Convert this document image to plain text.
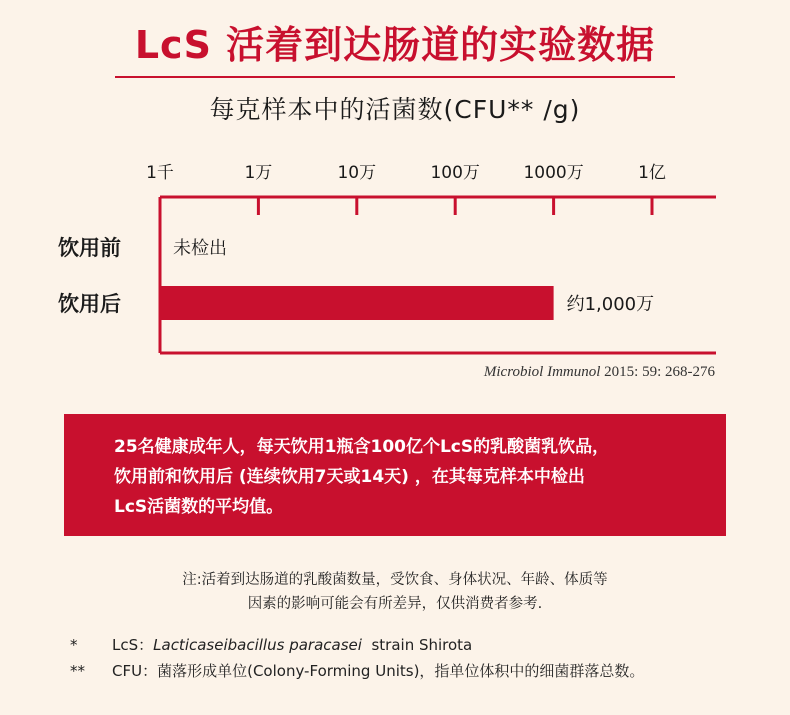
LcS 活着到达肠道的实验数据
每克样本中的活菌数(CFU** /g)
1千	1万	10万	100万	1000万	1亿
饮用前
饮用后
未检出
约1,000万
Microbiol Immunol 2015: 59: 268-276
25名健康成年人，每天饮用1瓶含100亿个LcS的乳酸菌乳饮品，
饮用前和饮用后 (连续饮用7天或14天) ，在其每克样本中检出
LcS活菌数的平均值。
注:活着到达肠道的乳酸菌数量，受饮食、身体状况、年龄、体质等
因素的影响可能会有所差异，仅供消费者参考.
* LcS：Lacticaseibacillus paracasei strain Shirota
** CFU：菌落形成单位(Colony-Forming Units)，指单位体积中的细菌群落总数。
